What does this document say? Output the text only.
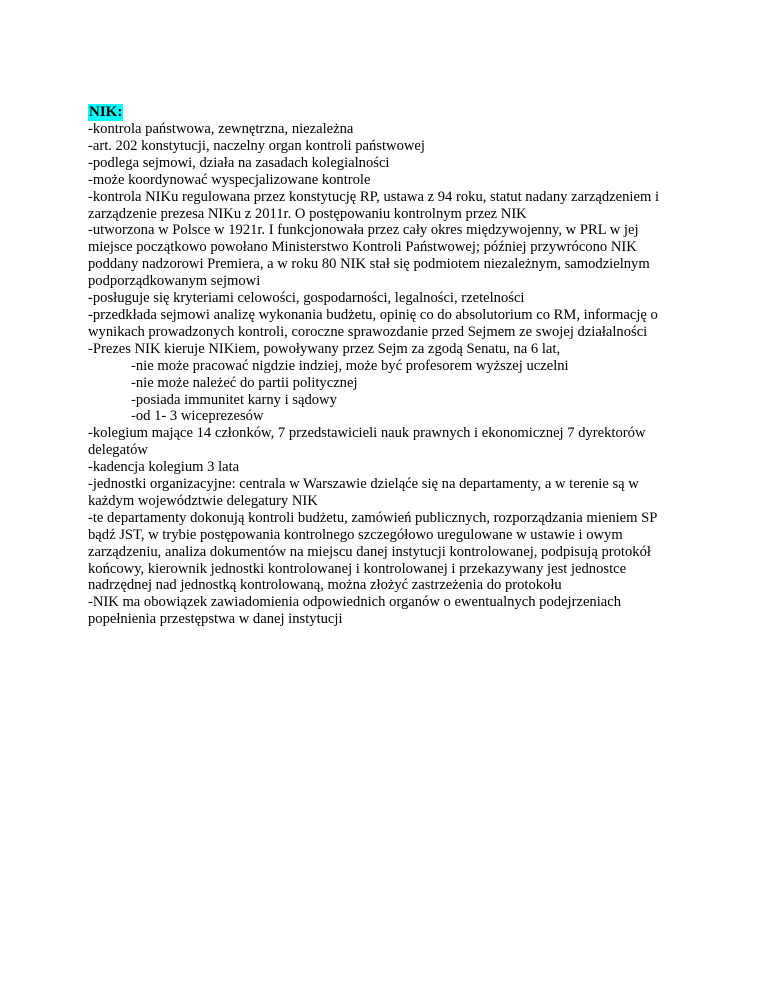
NIK:
-kontrola państwowa, zewnętrzna, niezależna
-art. 202 konstytucji, naczelny organ kontroli państwowej
-podlega sejmowi, działa na zasadach kolegialności
-może koordynować wyspecjalizowane kontrole
-kontrola NIKu regulowana przez konstytucję RP, ustawa z 94 roku, statut nadany zarządzeniem i zarządzenie prezesa NIKu z 2011r. O postępowaniu kontrolnym przez NIK
-utworzona w Polsce w 1921r. I funkcjonowała przez cały okres międzywojenny, w PRL w jej miejsce początkowo powołano Ministerstwo Kontroli Państwowej; później przywrócono NIK poddany nadzorowi Premiera, a w roku 80 NIK stał się podmiotem niezależnym, samodzielnym podporządkowanym sejmowi
-posługuje się kryteriami celowości, gospodarności, legalności, rzetelności
-przedkłada sejmowi analizę wykonania budżetu, opinię co do absolutorium co RM, informację o wynikach prowadzonych kontroli, coroczne sprawozdanie przed Sejmem ze swojej działalności
-Prezes NIK kieruje NIKiem, powoływany przez Sejm za zgodą Senatu, na 6 lat,
-nie może pracować nigdzie indziej, może być profesorem wyższej uczelni
-nie może należeć do partii politycznej
-posiada immunitet karny i sądowy
-od 1- 3 wiceprezesów
-kolegium mające 14 członków, 7 przedstawicieli nauk prawnych i ekonomicznej 7 dyrektorów delegatów
-kadencja kolegium 3 lata
-jednostki organizacyjne: centrala w Warszawie dzieląće się na departamenty, a w terenie są w każdym województwie delegatury NIK
-te departamenty dokonują kontroli budżetu, zamówień publicznych, rozporządzania mieniem SP bądź JST, w trybie postępowania kontrolnego szczegółowo uregulowane w ustawie i owym zarządzeniu, analiza dokumentów na miejscu danej instytucji kontrolowanej, podpisują protokół końcowy, kierownik jednostki kontrolowanej i kontrolowanej i przekazywany jest jednostce nadrzędnej nad jednostką kontrolowaną, można złożyć zastrzeżenia do protokołu
-NIK ma obowiązek zawiadomienia odpowiednich organów o ewentualnych podejrzeniach popełnienia przestępstwa w danej instytucji
